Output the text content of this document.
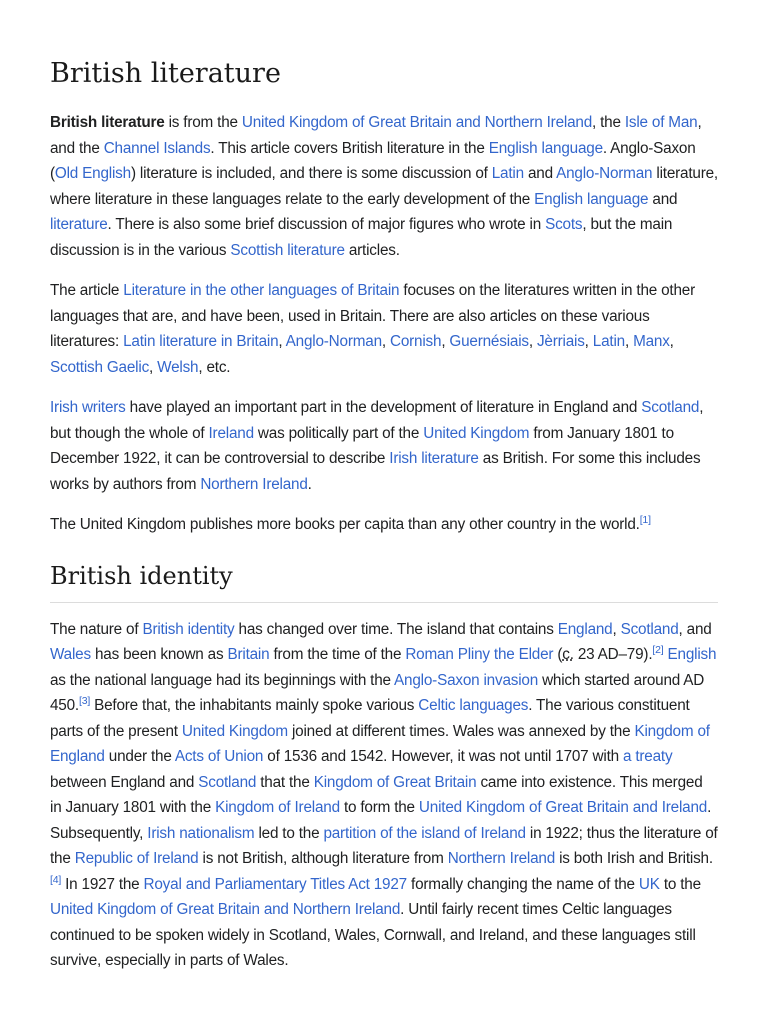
British literature

British literature is from the United Kingdom of Great Britain and Northern Ireland, the Isle of Man, and the Channel Islands. This article covers British literature in the English language. Anglo-Saxon (Old English) literature is included, and there is some discussion of Latin and Anglo-Norman literature, where literature in these languages relate to the early development of the English language and literature. There is also some brief discussion of major figures who wrote in Scots, but the main discussion is in the various Scottish literature articles.

The article Literature in the other languages of Britain focuses on the literatures written in the other languages that are, and have been, used in Britain. There are also articles on these various literatures: Latin literature in Britain, Anglo-Norman, Cornish, Guernésiais, Jèrriais, Latin, Manx, Scottish Gaelic, Welsh, etc.

Irish writers have played an important part in the development of literature in England and Scotland, but though the whole of Ireland was politically part of the United Kingdom from January 1801 to December 1922, it can be controversial to describe Irish literature as British. For some this includes works by authors from Northern Ireland.

The United Kingdom publishes more books per capita than any other country in the world.[1]

British identity

The nature of British identity has changed over time. The island that contains England, Scotland, and Wales has been known as Britain from the time of the Roman Pliny the Elder (c. 23 AD–79).[2] English as the national language had its beginnings with the Anglo-Saxon invasion which started around AD 450.[3] Before that, the inhabitants mainly spoke various Celtic languages. The various constituent parts of the present United Kingdom joined at different times. Wales was annexed by the Kingdom of England under the Acts of Union of 1536 and 1542. However, it was not until 1707 with a treaty between England and Scotland that the Kingdom of Great Britain came into existence. This merged in January 1801 with the Kingdom of Ireland to form the United Kingdom of Great Britain and Ireland. Subsequently, Irish nationalism led to the partition of the island of Ireland in 1922; thus the literature of the Republic of Ireland is not British, although literature from Northern Ireland is both Irish and British.[4] In 1927 the Royal and Parliamentary Titles Act 1927 formally changing the name of the UK to the United Kingdom of Great Britain and Northern Ireland. Until fairly recent times Celtic languages continued to be spoken widely in Scotland, Wales, Cornwall, and Ireland, and these languages still survive, especially in parts of Wales.
